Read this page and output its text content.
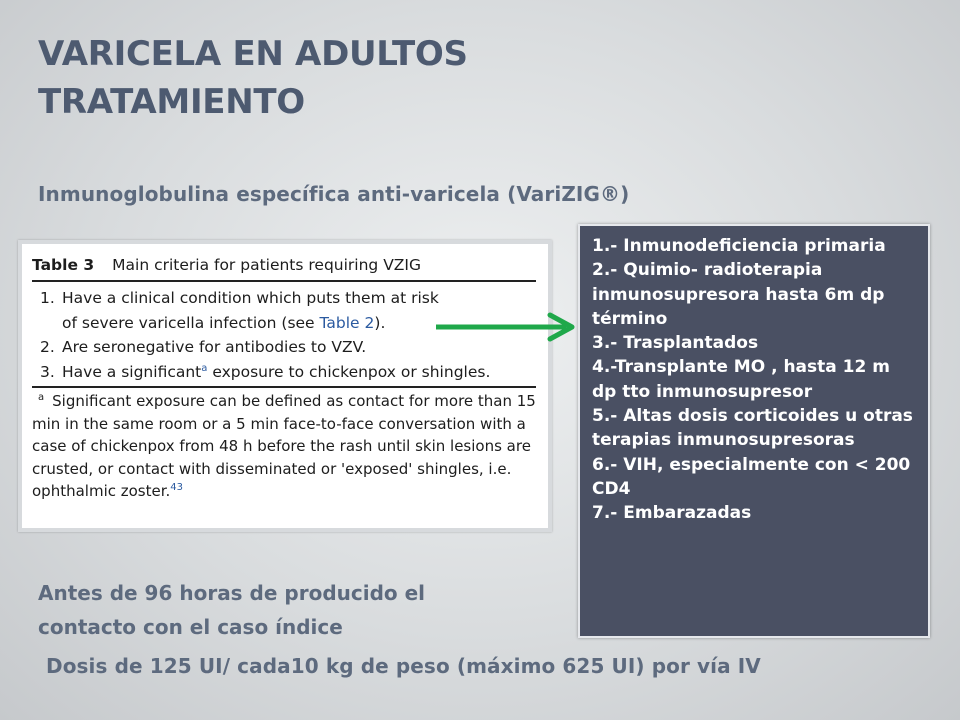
VARICELA EN ADULTOS
TRATAMIENTO
Inmunoglobulina específica anti-varicela (VariZIG®)
Table 3 Main criteria for patients requiring VZIG
1. Have a clinical condition which puts them at risk
of severe varicella infection (see Table 2).
2. Are seronegative for antibodies to VZV.
3. Have a significant$^a$ exposure to chickenpox or shingles.
$^a$ Significant exposure can be defined as contact for more than 15 min in the same room or a 5 min face-to-face conversation with a case of chickenpox from 48 h before the rash until skin lesions are crusted, or contact with disseminated or 'exposed' shingles, i.e. ophthalmic zoster.$^{43}$
1.- Inmunodeficiencia primaria
2.- Quimio- radioterapia inmunosupresora hasta 6m dp término
3.- Trasplantados
4.-Transplante MO , hasta 12 m dp tto inmunosupresor
5.- Altas dosis corticoides u otras terapias inmunosupresoras
6.- VIH, especialmente con < 200 CD4
7.- Embarazadas
Antes de 96 horas de producido el
contacto con el caso índice
Dosis de 125 UI/ cada10 kg de peso (máximo 625 UI) por vía IV
